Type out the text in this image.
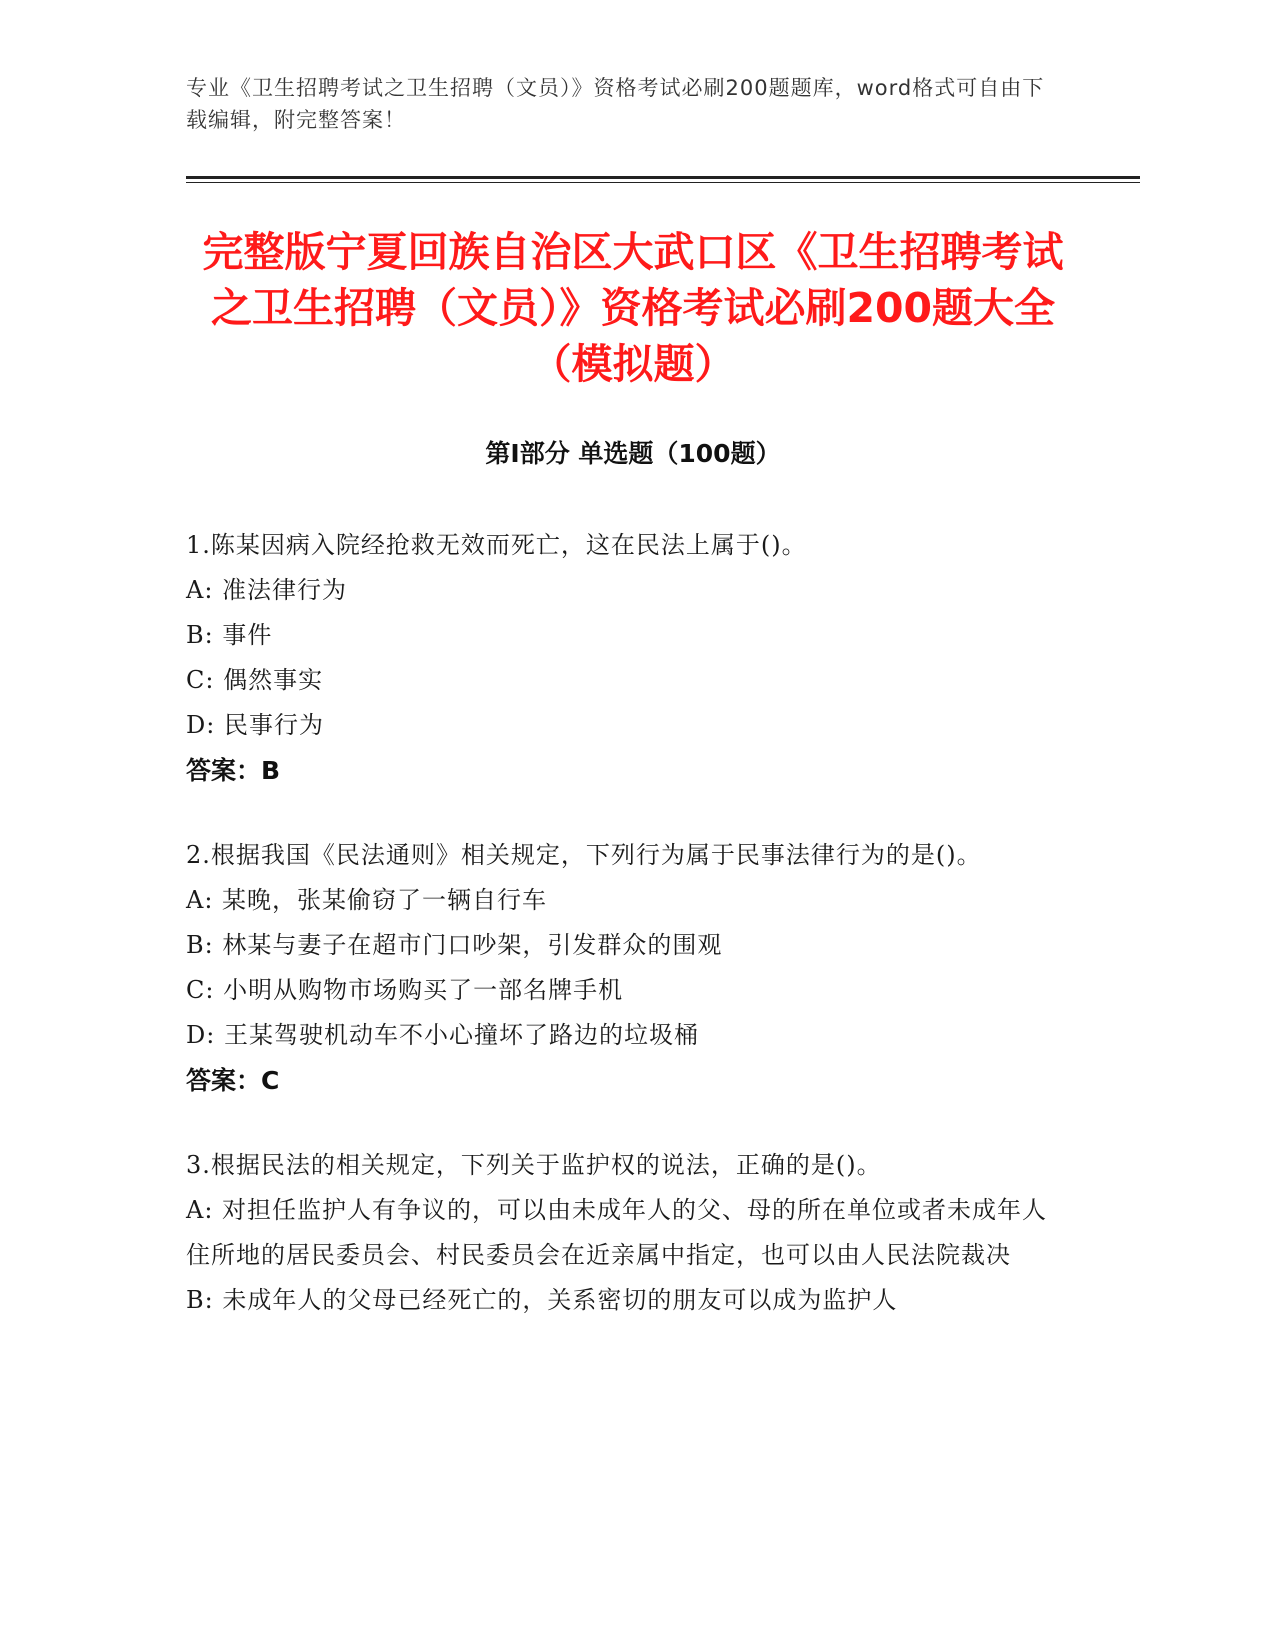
专业《卫生招聘考试之卫生招聘（文员）》资格考试必刷200题题库，word格式可自由下载编辑，附完整答案！
完整版宁夏回族自治区大武口区《卫生招聘考试之卫生招聘（文员）》资格考试必刷200题大全（模拟题）
第Ⅰ部分 单选题（100题）
1.陈某因病入院经抢救无效而死亡，这在民法上属于()。
A: 准法律行为
B: 事件
C: 偶然事实
D: 民事行为
答案：B
2.根据我国《民法通则》相关规定，下列行为属于民事法律行为的是()。
A: 某晚，张某偷窃了一辆自行车
B: 林某与妻子在超市门口吵架，引发群众的围观
C: 小明从购物市场购买了一部名牌手机
D: 王某驾驶机动车不小心撞坏了路边的垃圾桶
答案：C
3.根据民法的相关规定，下列关于监护权的说法，正确的是()。
A: 对担任监护人有争议的，可以由未成年人的父、母的所在单位或者未成年人住所地的居民委员会、村民委员会在近亲属中指定，也可以由人民法院裁决
B: 未成年人的父母已经死亡的，关系密切的朋友可以成为监护人
